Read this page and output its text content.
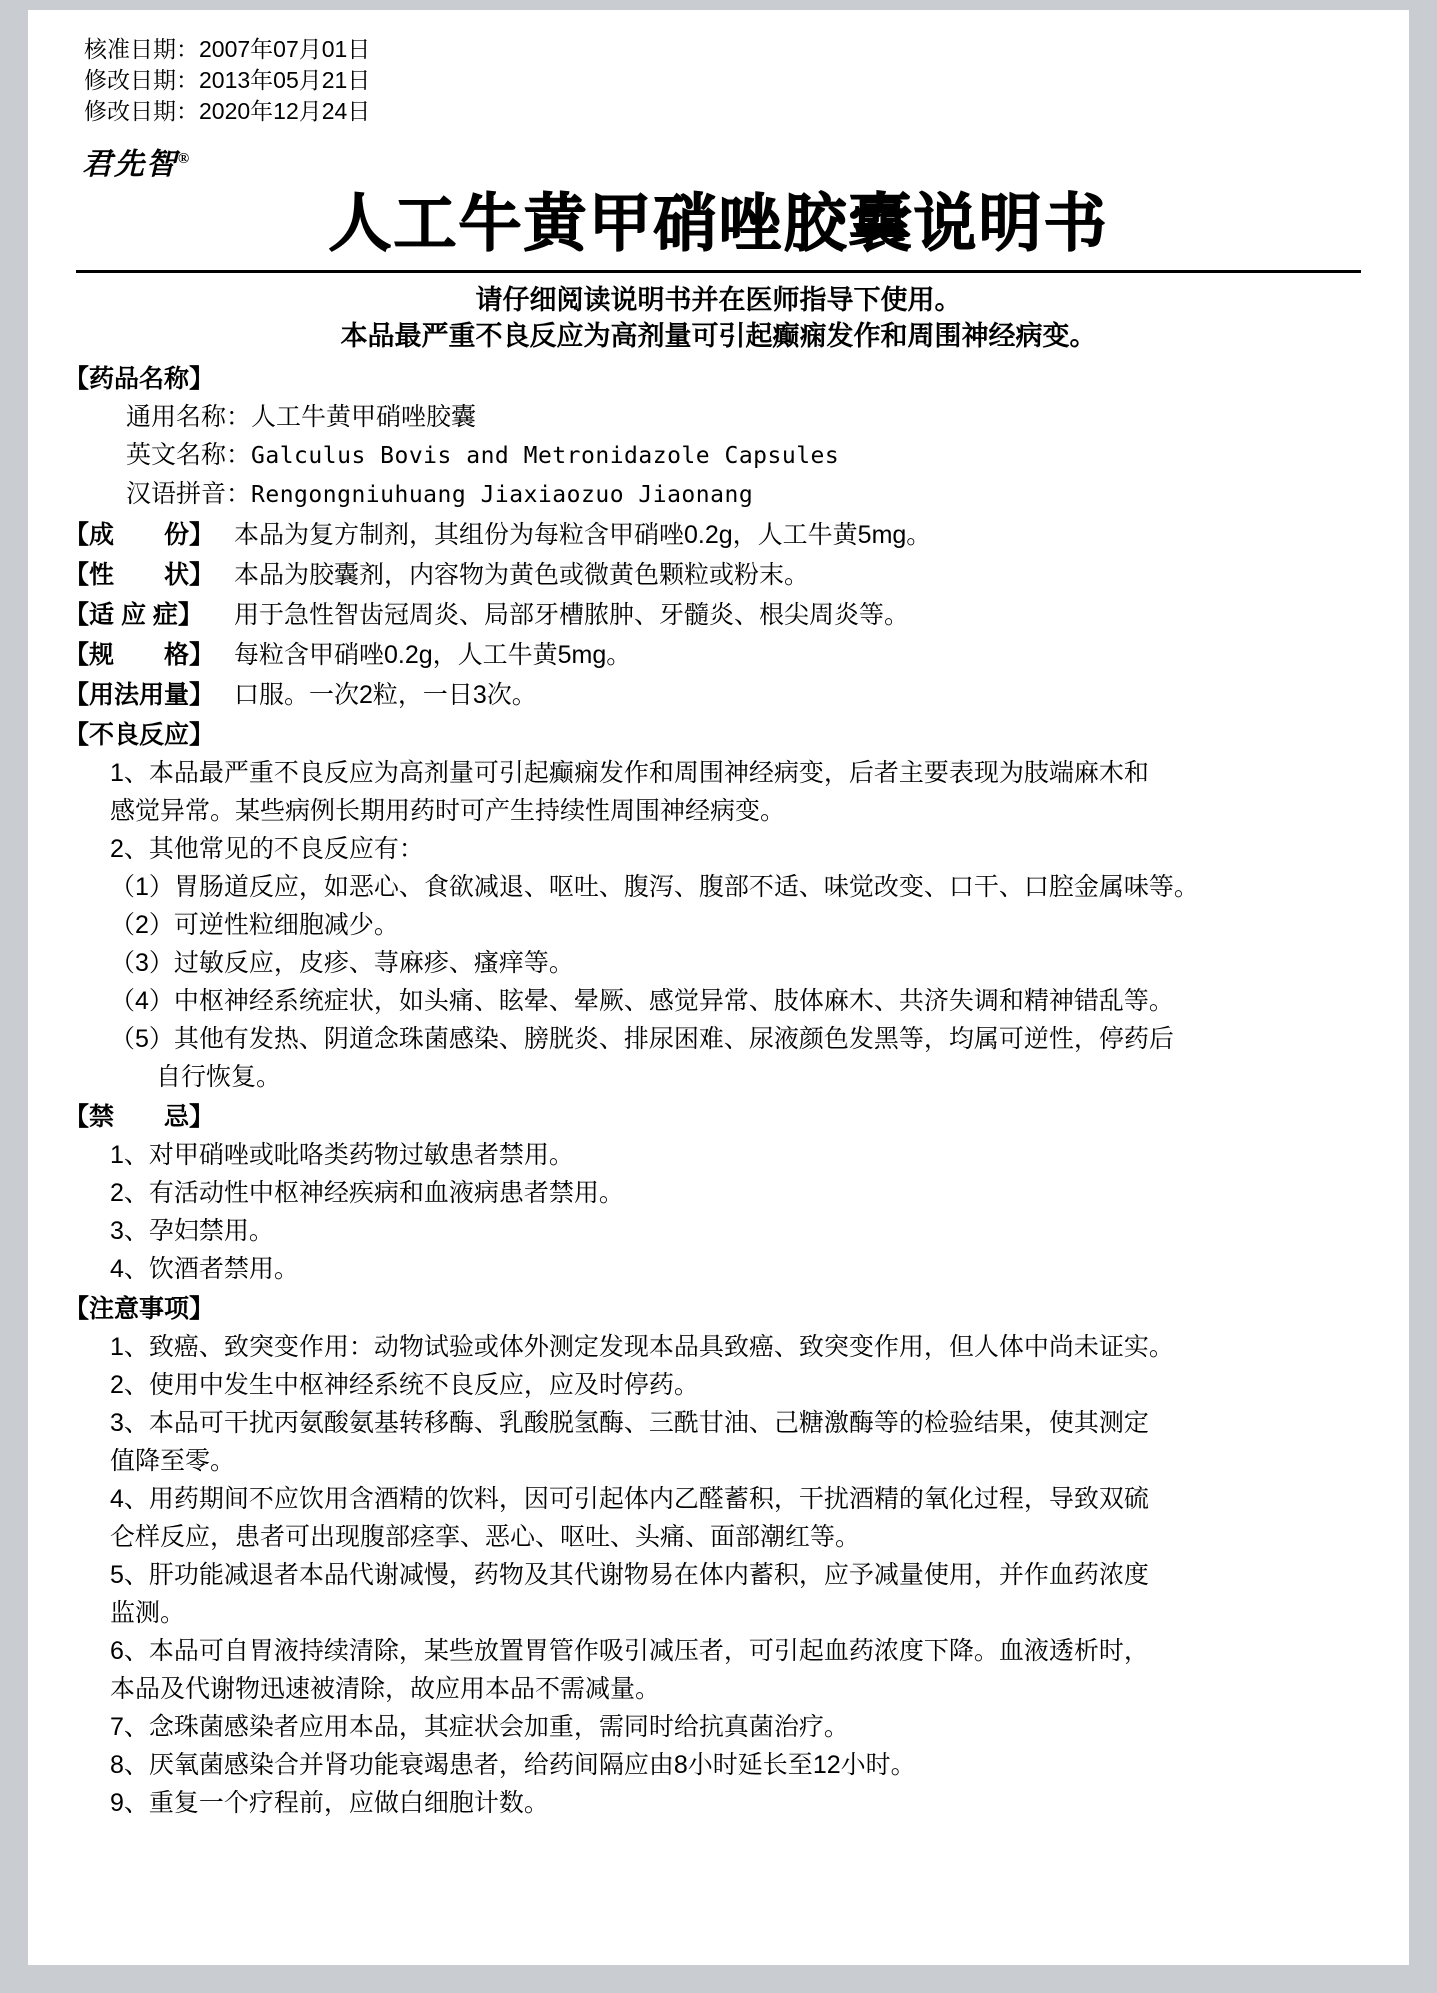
核准日期：2007年07月01日
修改日期：2013年05月21日
修改日期：2020年12月24日
君先智®
人工牛黄甲硝唑胶囊说明书
请仔细阅读说明书并在医师指导下使用。
本品最严重不良反应为高剂量可引起癫痫发作和周围神经病变。
【药品名称】
通用名称：人工牛黄甲硝唑胶囊
英文名称：Galculus Bovis and Metronidazole Capsules
汉语拼音：Rengongniuhuang Jiaxiaozuo Jiaonang
【成　　份】 本品为复方制剂，其组份为每粒含甲硝唑0.2g，人工牛黄5mg。
【性　　状】 本品为胶囊剂，内容物为黄色或微黄色颗粒或粉末。
【适 应 症】	用于急性智齿冠周炎、局部牙槽脓肿、牙髓炎、根尖周炎等。
【规　　格】 每粒含甲硝唑0.2g，人工牛黄5mg。
【用法用量】 口服。一次2粒，一日3次。
【不良反应】
1、本品最严重不良反应为高剂量可引起癫痫发作和周围神经病变，后者主要表现为肢端麻木和
感觉异常。某些病例长期用药时可产生持续性周围神经病变。
2、其他常见的不良反应有：
（1）胃肠道反应，如恶心、食欲减退、呕吐、腹泻、腹部不适、味觉改变、口干、口腔金属味等。
（2）可逆性粒细胞减少。
（3）过敏反应，皮疹、荨麻疹、瘙痒等。
（4）中枢神经系统症状，如头痛、眩晕、晕厥、感觉异常、肢体麻木、共济失调和精神错乱等。
（5）其他有发热、阴道念珠菌感染、膀胱炎、排尿困难、尿液颜色发黑等，均属可逆性，停药后
自行恢复。
【禁　　忌】
1、对甲硝唑或吡咯类药物过敏患者禁用。
2、有活动性中枢神经疾病和血液病患者禁用。
3、孕妇禁用。
4、饮酒者禁用。
【注意事项】
1、致癌、致突变作用：动物试验或体外测定发现本品具致癌、致突变作用，但人体中尚未证实。
2、使用中发生中枢神经系统不良反应，应及时停药。
3、本品可干扰丙氨酸氨基转移酶、乳酸脱氢酶、三酰甘油、己糖激酶等的检验结果，使其测定
值降至零。
4、用药期间不应饮用含酒精的饮料，因可引起体内乙醛蓄积，干扰酒精的氧化过程，导致双硫
仑样反应，患者可出现腹部痉挛、恶心、呕吐、头痛、面部潮红等。
5、肝功能减退者本品代谢减慢，药物及其代谢物易在体内蓄积，应予减量使用，并作血药浓度
监测。
6、本品可自胃液持续清除，某些放置胃管作吸引减压者，可引起血药浓度下降。血液透析时，
本品及代谢物迅速被清除，故应用本品不需减量。
7、念珠菌感染者应用本品，其症状会加重，需同时给抗真菌治疗。
8、厌氧菌感染合并肾功能衰竭患者，给药间隔应由8小时延长至12小时。
9、重复一个疗程前，应做白细胞计数。
